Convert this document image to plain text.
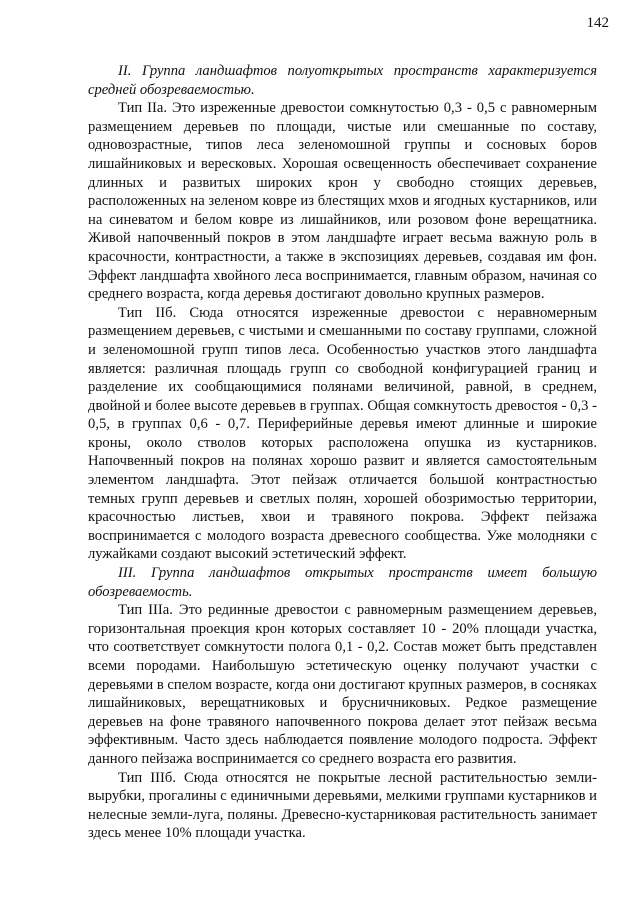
142

II. Группа ландшафтов полуоткрытых пространств характеризуется средней обозреваемостью.

Тип IIа. Это изреженные древостои сомкнутостью 0,3 - 0,5 с равномерным размещением деревьев по площади, чистые или смешанные по составу, одновозрастные, типов леса зеленомошной группы и сосновых боров лишайниковых и вересковых. Хорошая освещенность обеспечивает сохранение длинных и развитых широких крон у свободно стоящих деревьев, расположенных на зеленом ковре из блестящих мхов и ягодных кустарников, или на синеватом и белом ковре из лишайников, или розовом фоне верещатника. Живой напочвенный покров в этом ландшафте играет весьма важную роль в красочности, контрастности, а также в экспозициях деревьев, создавая им фон. Эффект ландшафта хвойного леса воспринимается, главным образом, начиная со среднего возраста, когда деревья достигают довольно крупных размеров.

Тип IIб. Сюда относятся изреженные древостои с неравномерным размещением деревьев, с чистыми и смешанными по составу группами, сложной и зеленомошной групп типов леса. Особенностью участков этого ландшафта является: различная площадь групп со свободной конфигурацией границ и разделение их сообщающимися полянами величиной, равной, в среднем, двойной и более высоте деревьев в группах. Общая сомкнутость древостоя - 0,3 - 0,5, в группах 0,6 - 0,7. Периферийные деревья имеют длинные и широкие кроны, около стволов которых расположена опушка из кустарников. Напочвенный покров на полянах хорошо развит и является самостоятельным элементом ландшафта. Этот пейзаж отличается большой контрастностью темных групп деревьев и светлых полян, хорошей обозримостью территории, красочностью листьев, хвои и травяного покрова. Эффект пейзажа воспринимается с молодого возраста древесного сообщества. Уже молодняки с лужайками создают высокий эстетический эффект.

III. Группа ландшафтов открытых пространств имеет большую обозреваемость.

Тип IIIа. Это рединные древостои с равномерным размещением деревьев, горизонтальная проекция крон которых составляет 10 - 20% площади участка, что соответствует сомкнутости полога 0,1 - 0,2. Состав может быть представлен всеми породами. Наибольшую эстетическую оценку получают участки с деревьями в спелом возрасте, когда они достигают крупных размеров, в сосняках лишайниковых, верещатниковых и брусничниковых. Редкое размещение деревьев на фоне травяного напочвенного покрова делает этот пейзаж весьма эффективным. Часто здесь наблюдается появление молодого подроста. Эффект данного пейзажа воспринимается со среднего возраста его развития.

Тип IIIб. Сюда относятся не покрытые лесной растительностью земли-вырубки, прогалины с единичными деревьями, мелкими группами кустарников и нелесные земли-луга, поляны. Древесно-кустарниковая растительность занимает здесь менее 10% площади участка.
